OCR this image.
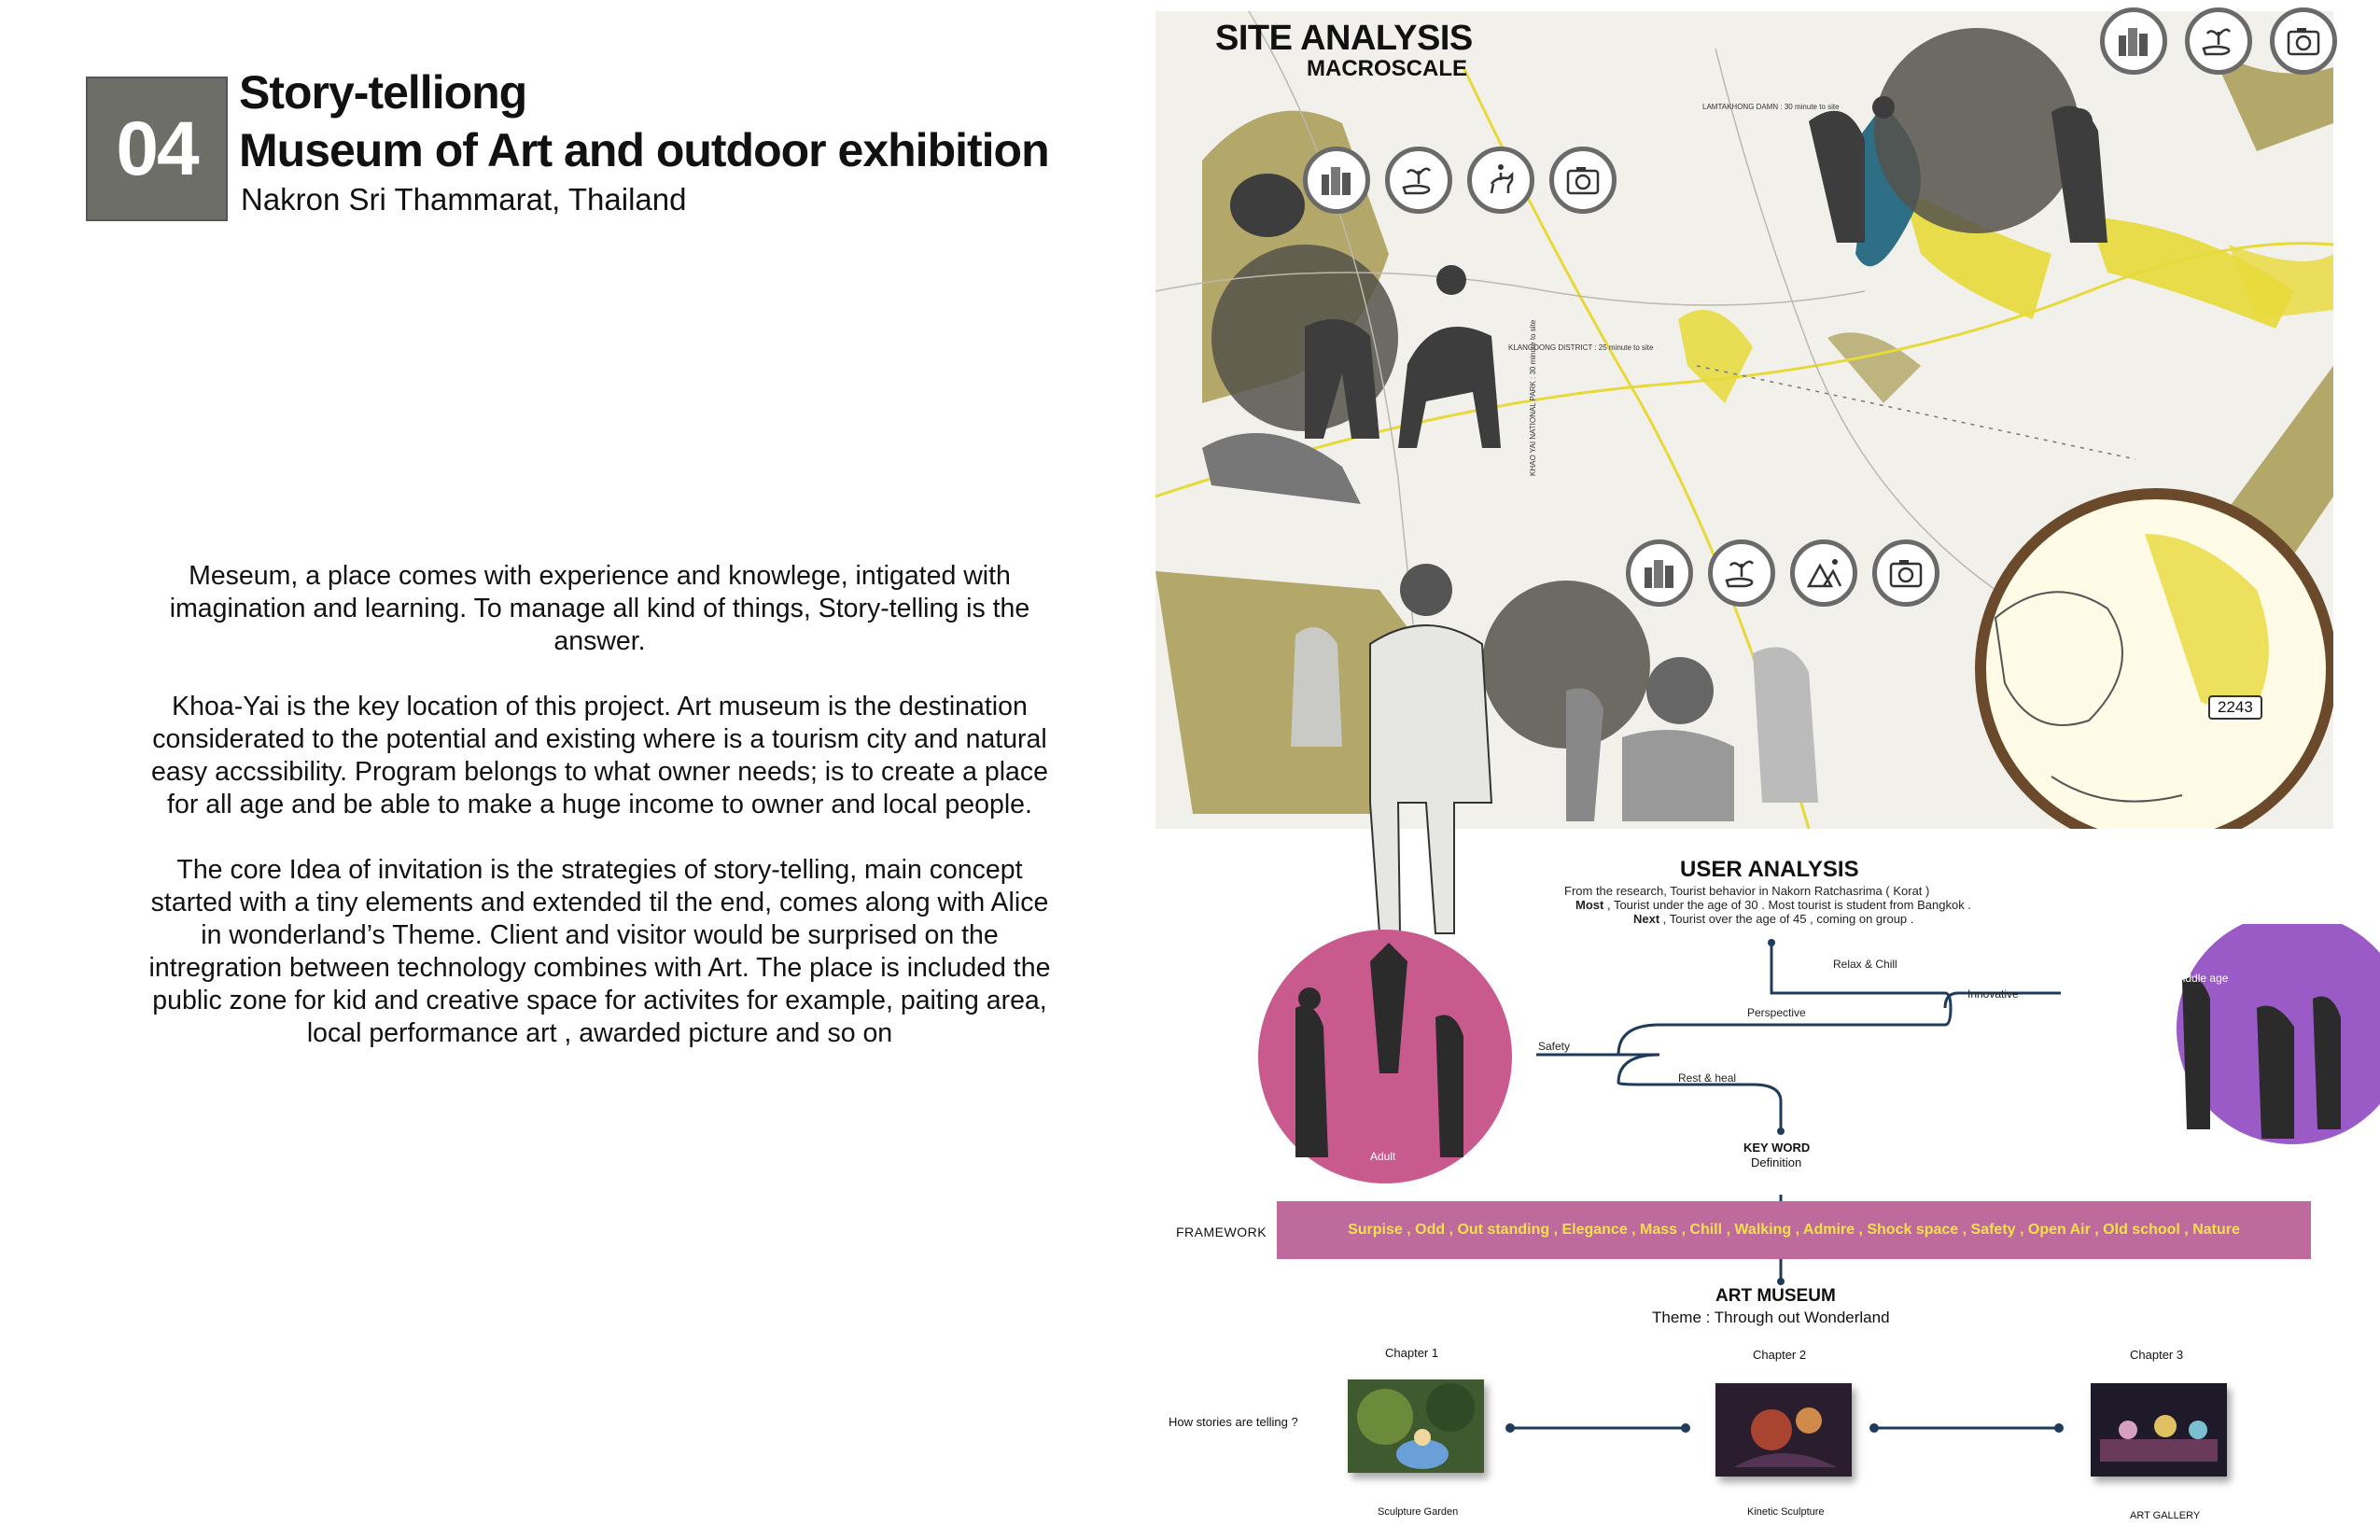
04
Story-telliong
Museum of Art and outdoor exhibition
Nakron Sri Thammarat, Thailand

Meseum, a place comes with experience and knowlege, intigated with imagination and learning. To manage all kind of things, Story-telling is the answer.

Khoa-Yai is the key location of this project. Art museum is the destination considerated to the potential and existing where is a tourism city and natural easy accssibility. Program belongs to what owner needs; is to create a place for all age and be able to make a huge income to owner and local people.

The core Idea of invitation is the strategies of story-telling, main concept started with a tiny elements and extended til the end, comes along with Alice in wonderland’s Theme. Client and visitor would be surprised on the intregration between technology combines with Art. The place is included the public zone for kid and creative space for activites for example, paiting area, local performance art , awarded picture and so on

SITE ANALYSIS
MACROSCALE
LAMTAKHONG DAMN : 30 minute to site
KLANGDONG DISTRICT : 25 minute to site
KHAO YAI NATIONAL PARK : 30 minute to site
2243
USER ANALYSIS
From the research, Tourist behavior in Nakorn Ratchasrima ( Korat )
Most , Tourist under the age of 30 . Most tourist is student from Bangkok .
Next , Tourist over the age of 45 , coming on group .
Relax & Chill
Innovative
Perspective
Safety
Rest & heal
Adult
Teenage & middle age
KEY WORD
Definition
FRAMEWORK	Surpise , Odd , Out standing , Elegance , Mass , Chill , Walking , Admire , Shock space , Safety , Open Air , Old school , Nature
ART MUSEUM
Theme : Through out Wonderland
How stories are telling ?
Chapter 1	Chapter 2	Chapter 3
Sculpture Garden	Kinetic Sculpture	ART GALLERY
